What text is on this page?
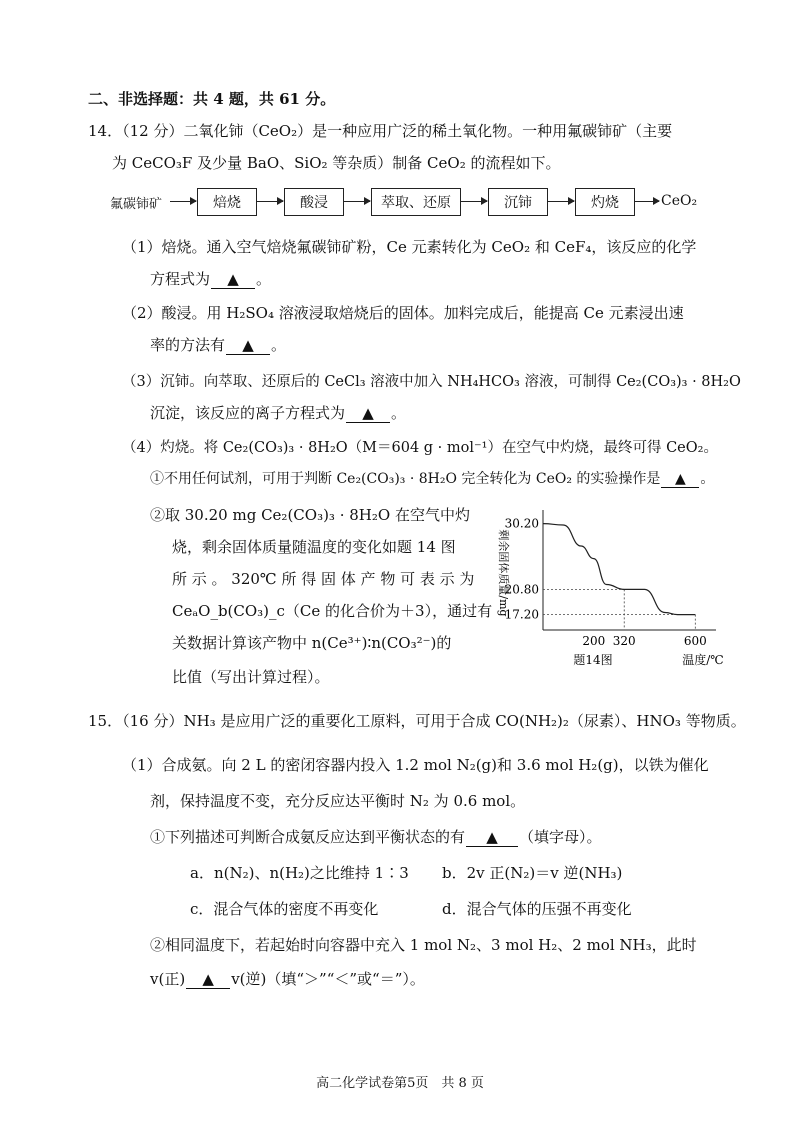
二、非选择题：共 4 题，共 61 分。
14．（12 分）二氧化铈（CeO₂）是一种应用广泛的稀土氧化物。一种用氟碳铈矿（主要
为 CeCO₃F 及少量 BaO、SiO₂ 等杂质）制备 CeO₂ 的流程如下。
氟碳铈矿	焙烧	酸浸	萃取、还原	沉铈	灼烧	CeO₂
（1）焙烧。通入空气焙烧氟碳铈矿粉，Ce 元素转化为 CeO₂ 和 CeF₄，该反应的化学
方程式为 ▲ 。
（2）酸浸。用 H₂SO₄ 溶液浸取焙烧后的固体。加料完成后，能提高 Ce 元素浸出速
率的方法有 ▲ 。
（3）沉铈。向萃取、还原后的 CeCl₃ 溶液中加入 NH₄HCO₃ 溶液，可制得 Ce₂(CO₃)₃ · 8H₂O
沉淀，该反应的离子方程式为 ▲ 。
（4）灼烧。将 Ce₂(CO₃)₃ · 8H₂O（M＝604 g · mol⁻¹）在空气中灼烧，最终可得 CeO₂。
①不用任何试剂，可用于判断 Ce₂(CO₃)₃ · 8H₂O 完全转化为 CeO₂ 的实验操作是 ▲ 。
②取 30.20 mg Ce₂(CO₃)₃ · 8H₂O 在空气中灼
烧，剩余固体质量随温度的变化如题 14 图
所 示 。 320℃ 所 得 固 体 产 物 可 表 示 为
CeₐO_b(CO₃)_c（Ce 的化合价为＋3），通过有
关数据计算该产物中 n(Ce³⁺)∶n(CO₃²⁻)的
比值（写出计算过程）。
30.20
20.80
17.20
200 320	600
剩余固体质量/mg
温度/℃
题14图
15．（16 分）NH₃ 是应用广泛的重要化工原料，可用于合成 CO(NH₂)₂（尿素）、HNO₃ 等物质。
（1）合成氨。向 2 L 的密闭容器内投入 1.2 mol N₂(g)和 3.6 mol H₂(g)，以铁为催化
剂，保持温度不变，充分反应达平衡时 N₂ 为 0.6 mol。
①下列描述可判断合成氨反应达到平衡状态的有 ▲ （填字母）。
a．n(N₂)、n(H₂)之比维持 1∶3 b．2v 正(N₂)＝v 逆(NH₃)
c．混合气体的密度不再变化	d．混合气体的压强不再变化
②相同温度下，若起始时向容器中充入 1 mol N₂、3 mol H₂、2 mol NH₃，此时
v(正) ▲ v(逆)（填“＞”“＜”或“＝”）。
高二化学试卷第5页　共 8 页
